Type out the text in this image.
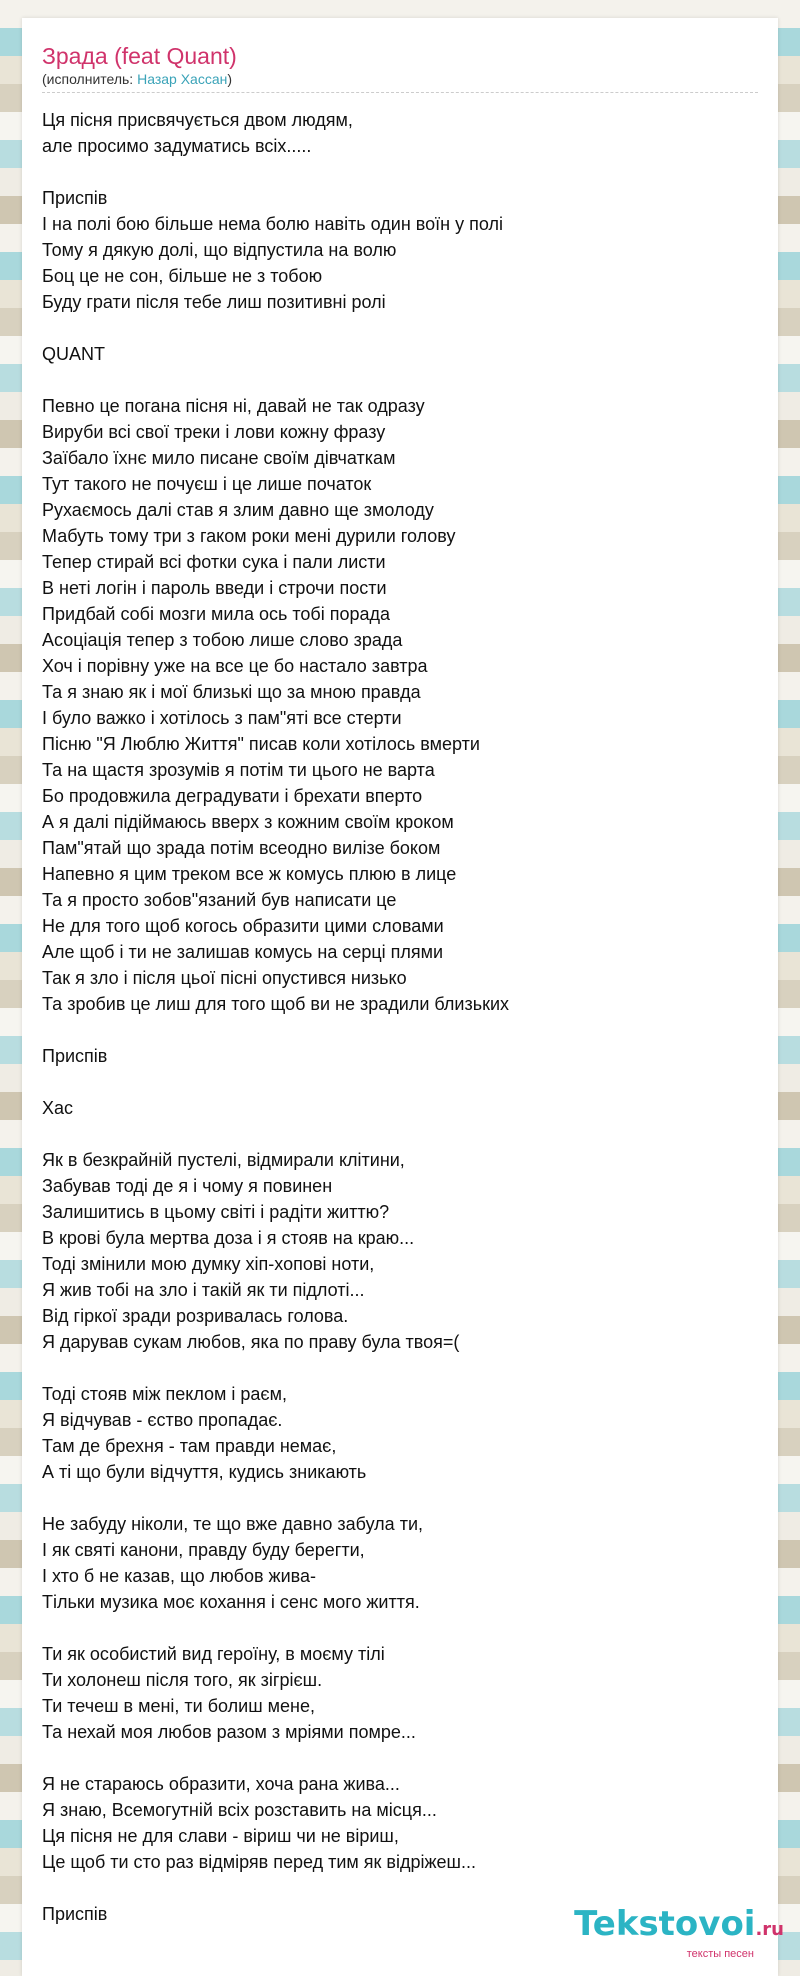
Зрада (feat Quant)
(исполнитель: Назар Хассан)
Ця пісня присвячується двом людям,
але просимо задуматись всіх.....
Приспів
І на полі бою більше нема болю навіть один воїн у полі
Тому я дякую долі, що відпустила на волю
Боц це не сон, більше не з тобою
Буду грати після тебе лиш позитивні ролі
QUANT
Певно це погана пісня ні, давай не так одразу
Вируби всі свої треки і лови кожну фразу
Заїбало їхнє мило писане своїм дівчаткам
Тут такого не почуєш і це лише початок
Рухаємось далі став я злим давно ще змолоду
Мабуть тому три з гаком роки мені дурили голову
Тепер стирай всі фотки сука і пали листи
В неті логін і пароль введи і строчи пости
Придбай собі мозги мила ось тобі порада
Асоціація тепер з тобою лише слово зрада
Хоч і порівну уже на все це бо настало завтра
Та я знаю як і мої близькі що за мною правда
І було важко і хотілось з пам"яті все стерти
Пісню "Я Люблю Життя" писав коли хотілось вмерти
Та на щастя зрозумів я потім ти цього не варта
Бо продовжила деградувати і брехати вперто
А я далі підіймаюсь вверх з кожним своїм кроком
Пам"ятай що зрада потім всеодно вилізе боком
Напевно я цим треком все ж комусь плюю в лице
Та я просто зобов"язаний був написати це
Не для того щоб когось образити цими словами
Але щоб і ти не залишав комусь на серці плями
Так я зло і після цьої пісні опустився низько
Та зробив це лиш для того щоб ви не зрадили близьких
Приспів
Хас
Як в безкрайній пустелі, відмирали клітини,
Забував тоді де я і чому я повинен
Залишитись в цьому світі і радіти життю?
В крові була мертва доза і я стояв на краю...
Тоді змінили мою думку хіп-хопові ноти,
Я жив тобі на зло і такій як ти підлоті...
Від гіркої зради розривалась голова.
Я дарував сукам любов, яка по праву була твоя=(
Тоді стояв між пеклом і раєм,
Я відчував - єство пропадає.
Там де брехня - там правди немає,
А ті що були відчуття, кудись зникають
Не забуду ніколи, те що вже давно забула ти,
І як святі канони, правду буду берегти,
І хто б не казав, що любов жива-
Тільки музика моє кохання і сенс мого життя.
Ти як особистий вид героїну, в моєму тілі
Ти холонеш після того, як зігрієш.
Ти течеш в мені, ти болиш мене,
Та нехай моя любов разом з мріями помре...
Я не стараюсь образити, хоча рана жива...
Я знаю, Всемогутній всіх розставить на місця...
Ця пісня не для слави - віриш чи не віриш,
Це щоб ти сто раз відміряв перед тим як відріжеш...
Приспів	Tekstovoi.ru
тексты песен
